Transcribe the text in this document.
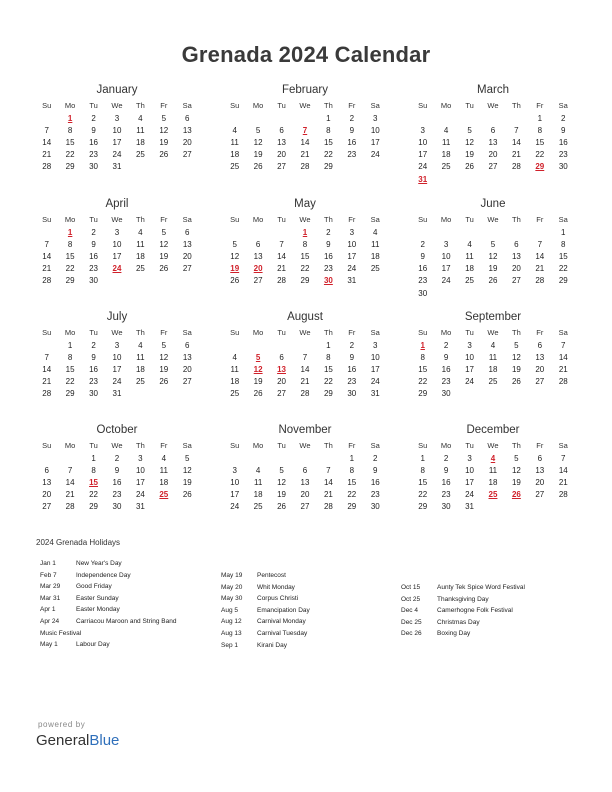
Grenada 2024 Calendar
January
Su	Mo	Tu	We	Th	Fr	Sa
	1	2	3	4	5	6
7	8	9	10	11	12	13
14	15	16	17	18	19	20
21	22	23	24	25	26	27
28	29	30	31			
February
Su	Mo	Tu	We	Th	Fr	Sa
				1	2	3
4	5	6	7	8	9	10
11	12	13	14	15	16	17
18	19	20	21	22	23	24
25	26	27	28	29		
March
Su	Mo	Tu	We	Th	Fr	Sa
					1	2
3	4	5	6	7	8	9
10	11	12	13	14	15	16
17	18	19	20	21	22	23
24	25	26	27	28	29	30
31						
April
Su	Mo	Tu	We	Th	Fr	Sa
	1	2	3	4	5	6
7	8	9	10	11	12	13
14	15	16	17	18	19	20
21	22	23	24	25	26	27
28	29	30				
May
Su	Mo	Tu	We	Th	Fr	Sa
			1	2	3	4
5	6	7	8	9	10	11
12	13	14	15	16	17	18
19	20	21	22	23	24	25
26	27	28	29	30	31	
June
Su	Mo	Tu	We	Th	Fr	Sa
						1
2	3	4	5	6	7	8
9	10	11	12	13	14	15
16	17	18	19	20	21	22
23	24	25	26	27	28	29
30						
July
Su	Mo	Tu	We	Th	Fr	Sa
	1	2	3	4	5	6
7	8	9	10	11	12	13
14	15	16	17	18	19	20
21	22	23	24	25	26	27
28	29	30	31			
August
Su	Mo	Tu	We	Th	Fr	Sa
				1	2	3
4	5	6	7	8	9	10
11	12	13	14	15	16	17
18	19	20	21	22	23	24
25	26	27	28	29	30	31
September
Su	Mo	Tu	We	Th	Fr	Sa
1	2	3	4	5	6	7
8	9	10	11	12	13	14
15	16	17	18	19	20	21
22	23	24	25	26	27	28
29	30					
October
Su	Mo	Tu	We	Th	Fr	Sa
		1	2	3	4	5
6	7	8	9	10	11	12
13	14	15	16	17	18	19
20	21	22	23	24	25	26
27	28	29	30	31		
November
Su	Mo	Tu	We	Th	Fr	Sa
					1	2
3	4	5	6	7	8	9
10	11	12	13	14	15	16
17	18	19	20	21	22	23
24	25	26	27	28	29	30
December
Su	Mo	Tu	We	Th	Fr	Sa
1	2	3	4	5	6	7
8	9	10	11	12	13	14
15	16	17	18	19	20	21
22	23	24	25	26	27	28
29	30	31				
2024 Grenada Holidays
Jan 1	New Year's Day
Feb 7	Independence Day
Mar 29 Good Friday
Mar 31 Easter Sunday
Apr 1	Easter Monday
Apr 24	Carriacou Maroon and String Band
Music Festival
May 1	Labour Day
May 19 Pentecost
May 20 Whit Monday
May 30 Corpus Christi
Aug 5	Emancipation Day
Aug 12 Carnival Monday
Aug 13 Carnival Tuesday
Sep 1	Kirani Day
Oct 15	Aunty Tek Spice Word Festival
Oct 25	Thanksgiving Day
Dec 4	Camerhogne Folk Festival
Dec 25 Christmas Day
Dec 26 Boxing Day
powered by
GeneralBlue
